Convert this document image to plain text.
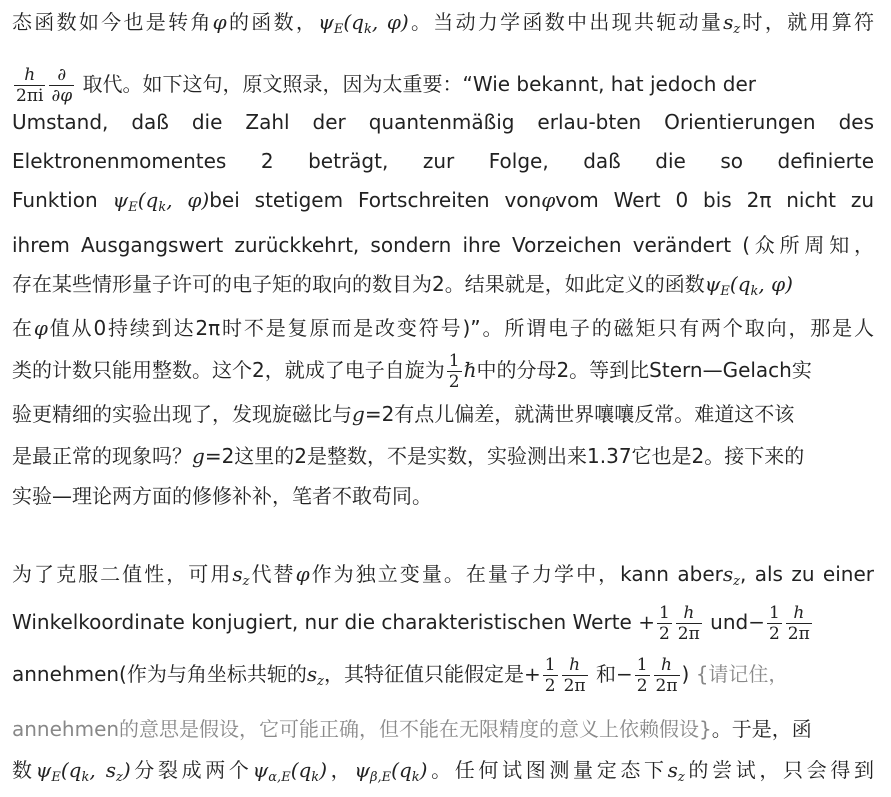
态函数如今也是转角φ的函数，$\psi_E(q_k$, φ)。当动力学函数中出现共轭动量$s_z$时，就用算符
$\frac{h}{2\pi i} \frac{\partial}{\partial\varphi}$ 取代。如下这句，原文照录，因为太重要：“Wie bekannt, hat jedoch der
Umstand, daß die Zahl der quantenmäßig erlau-bten Orientierungen des
Elektronenmomentes 2 beträgt, zur Folge, daß die so definierte
Funktion $\psi_E(q_k$, φ)bei stetigem Fortschreiten vonφvom Wert 0 bis 2π nicht zu
ihrem Ausgangswert zurückkehrt, sondern ihre Vorzeichen verändert (众所周知，
存在某些情形量子许可的电子矩的取向的数目为2。结果就是，如此定义的函数$\psi_E(q_k$, φ)
在φ值从0持续到达2π时不是复原而是改变符号)”。所谓电子的磁矩只有两个取向，那是人
类的计数只能用整数。这个2，就成了电子自旋为 $\frac{1}{2}$ ℏ中的分母2。等到比Stern—Gelach实
验更精细的实验出现了，发现旋磁比与g=2有点儿偏差，就满世界嚷嚷反常。难道这不该
是最正常的现象吗？g=2这里的2是整数，不是实数，实验测出来1.37它也是2。接下来的
实验—理论两方面的修修补补，笔者不敢苟同。
为了克服二值性，可用$s_z$代替φ作为独立变量。在量子力学中，kann abers$_z$, als zu einer
Winkelkoordinate konjugiert, nur die charakteristischen Werte + $\frac{1}{2} \frac{h}{2\pi} und- \frac{1}{2} \frac{h}{2\pi}$
annehmen(作为与角坐标共轭的$s_z$，其特征值只能假定是+ $\frac{1}{2} \frac{h}{2\pi}$ 和− $\frac{1}{2} \frac{h}{2\pi}$ ) {请记住，
annehmen的意思是假设，它可能正确，但不能在无限精度的意义上依赖假设}。于是，函
数$\psi_E(q_k$, $s_z$)分裂成两个$\psi_{\alpha,E}(q_k)$，$\psi_{\beta,E}(q_k)$。任何试图测量定态下$s_z$的尝试，只会得到
